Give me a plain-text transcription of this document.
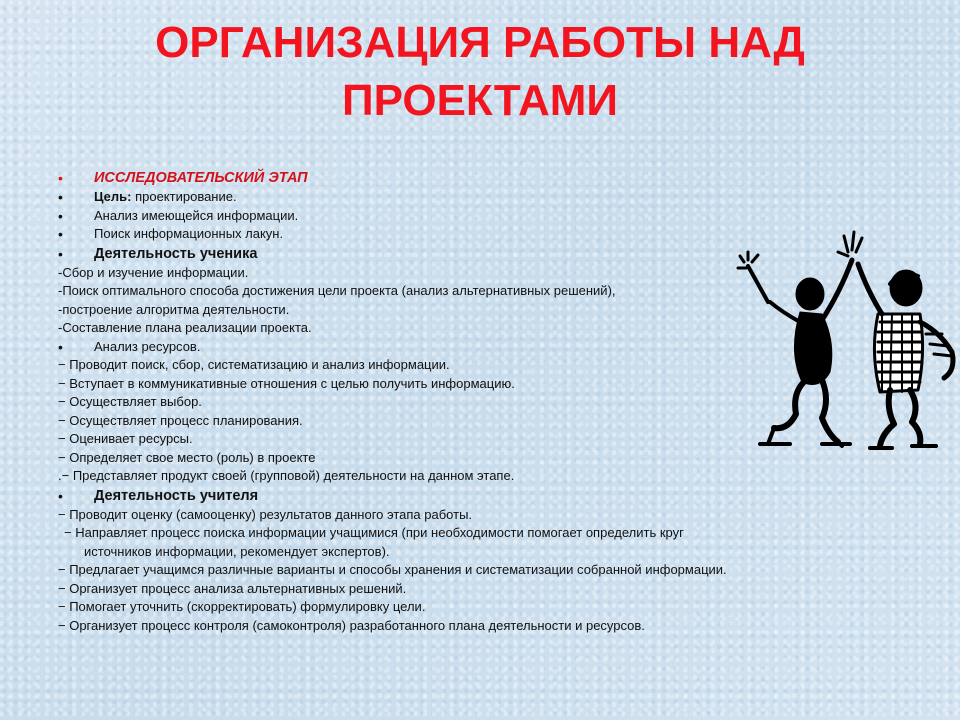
ОРГАНИЗАЦИЯ РАБОТЫ НАД
ПРОЕКТАМИ
•	ИССЛЕДОВАТЕЛЬСКИЙ ЭТАП
•	Цель: проектирование.
•	Анализ имеющейся информации.
•	Поиск информационных лакун.
•	Деятельность ученика
-Сбор и изучение информации.
-Поиск оптимального способа достижения цели проекта (анализ альтернативных решений),
-построение алгоритма деятельности.
-Составление плана реализации проекта.
•	Анализ ресурсов.
− Проводит поиск, сбор, систематизацию и анализ информации.
− Вступает в коммуникативные отношения с целью получить информацию.
− Осуществляет выбор.
− Осуществляет процесс планирования.
− Оценивает ресурсы.
− Определяет свое место (роль) в проекте
.− Представляет продукт своей (групповой) деятельности на данном этапе.
•	Деятельность учителя
− Проводит оценку (самооценку) результатов данного этапа работы.
− Направляет процесс поиска информации учащимися (при необходимости помогает определить круг
источников информации, рекомендует экспертов).
− Предлагает учащимся различные варианты и способы хранения и систематизации собранной информации.
− Организует процесс анализа альтернативных решений.
− Помогает уточнить (скорректировать) формулировку цели.
− Организует процесс контроля (самоконтроля) разработанного плана деятельности и ресурсов.
